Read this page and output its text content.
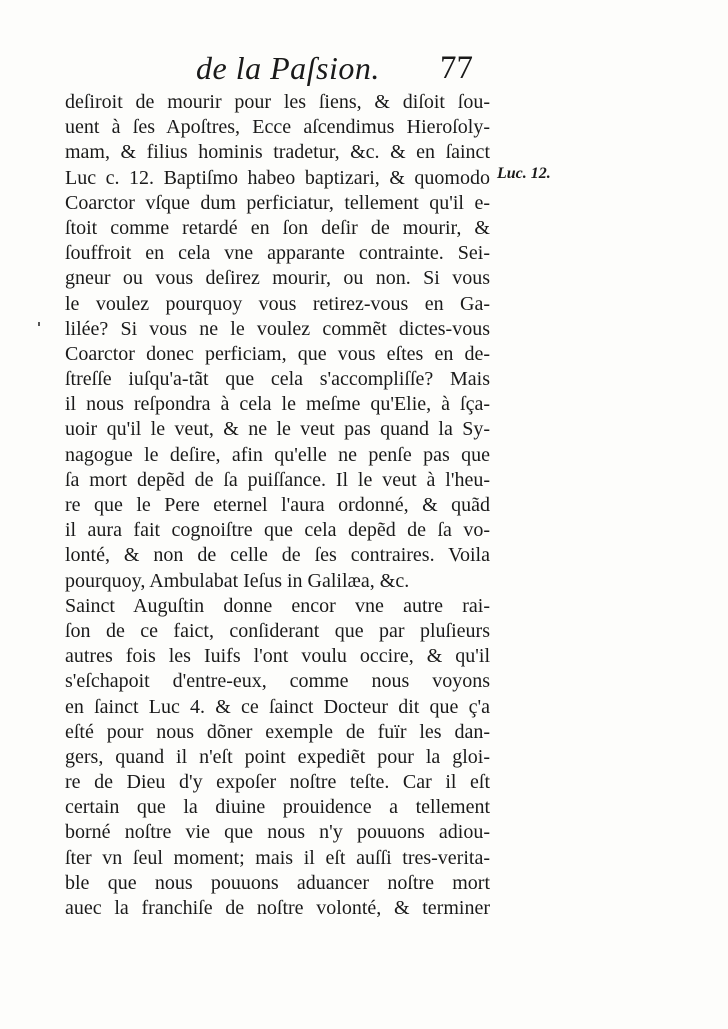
de la Paſsion. 77
Luc. 12.
deſiroit de mourir pour les ſiens, & diſoit ſou-
uent à ſes Apoſtres, Ecce aſcendimus Hieroſoly-
mam, & filius hominis tradetur, &c. & en ſainct
Luc c. 12. Baptiſmo habeo baptizari, & quomodo
Coarctor vſque dum perficiatur, tellement qu'il e-
ſtoit comme retardé en ſon deſir de mourir, &
ſouffroit en cela vne apparante contrainte. Sei-
gneur ou vous deſirez mourir, ou non. Si vous
le voulez pourquoy vous retirez-vous en Ga-
lilée? Si vous ne le voulez commẽt dictes-vous
Coarctor donec perficiam, que vous eſtes en de-
ſtreſſe iuſqu'a-tãt que cela s'accompliſſe? Mais
il nous reſpondra à cela le meſme qu'Elie, à ſça-
uoir qu'il le veut, & ne le veut pas quand la Sy-
nagogue le deſire, afin qu'elle ne penſe pas que
ſa mort depẽd de ſa puiſſance. Il le veut à l'heu-
re que le Pere eternel l'aura ordonné, & quãd
il aura fait cognoiſtre que cela depẽd de ſa vo-
lonté, & non de celle de ſes contraires. Voila
pourquoy, Ambulabat Ieſus in Galilæa, &c.
Sainct Auguſtin donne encor vne autre rai-
ſon de ce faict, conſiderant que par pluſieurs
autres fois les Iuifs l'ont voulu occire, & qu'il
s'eſchapoit d'entre-eux, comme nous voyons
en ſainct Luc 4. & ce ſainct Docteur dit que ç'a
eſté pour nous dõner exemple de fuïr les dan-
gers, quand il n'eſt point expediẽt pour la gloi-
re de Dieu d'y expoſer noſtre teſte. Car il eſt
certain que la diuine prouidence a tellement
borné noſtre vie que nous n'y pouuons adiou-
ſter vn ſeul moment; mais il eſt auſſi tres-verita-
ble que nous pouuons aduancer noſtre mort
auec la franchiſe de noſtre volonté, & terminer
